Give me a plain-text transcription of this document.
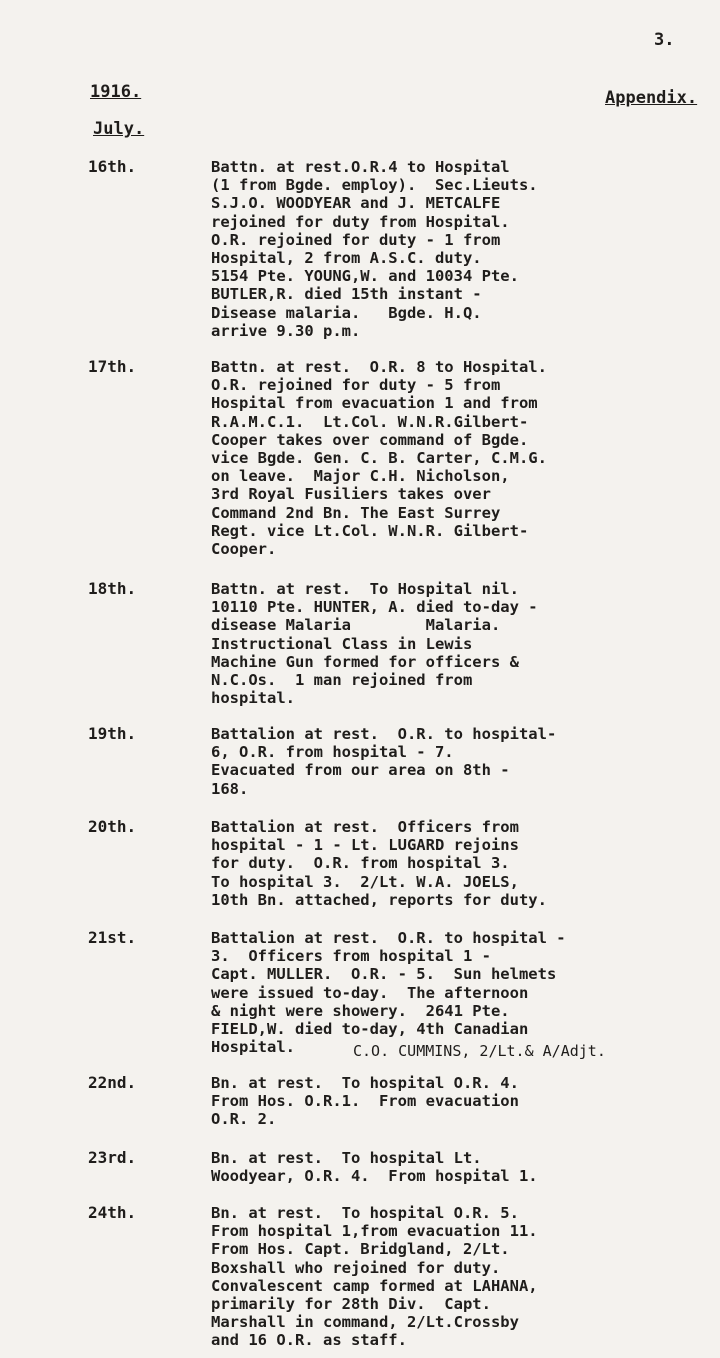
3.
1916.	Appendix.
July.
16th.	Battn. at rest.O.R.4 to Hospital
(1 from Bgde. employ).  Sec.Lieuts.
S.J.O. WOODYEAR and J. METCALFE
rejoined for duty from Hospital.
O.R. rejoined for duty - 1 from
Hospital, 2 from A.S.C. duty.
5154 Pte. YOUNG,W. and 10034 Pte.
BUTLER,R. died 15th instant -
Disease malaria.   Bgde. H.Q.
arrive 9.30 p.m.
17th.	Battn. at rest.  O.R. 8 to Hospital.
O.R. rejoined for duty - 5 from
Hospital from evacuation 1 and from
R.A.M.C.1.  Lt.Col. W.N.R.Gilbert-
Cooper takes over command of Bgde.
vice Bgde. Gen. C. B. Carter, C.M.G.
on leave.  Major C.H. Nicholson,
3rd Royal Fusiliers takes over
Command 2nd Bn. The East Surrey
Regt. vice Lt.Col. W.N.R. Gilbert-
Cooper.
18th.	Battn. at rest.  To Hospital nil.
10110 Pte. HUNTER, A. died to-day -
disease Malaria        Malaria.
Instructional Class in Lewis
Machine Gun formed for officers &
N.C.Os.  1 man rejoined from
hospital.
19th.	Battalion at rest.  O.R. to hospital-
6, O.R. from hospital - 7.
Evacuated from our area on 8th -
168.
20th.	Battalion at rest.  Officers from
hospital - 1 - Lt. LUGARD rejoins
for duty.  O.R. from hospital 3.
To hospital 3.  2/Lt. W.A. JOELS,
10th Bn. attached, reports for duty.
21st.	Battalion at rest.  O.R. to hospital -
3.  Officers from hospital 1 -
Capt. MULLER.  O.R. - 5.  Sun helmets
were issued to-day.  The afternoon
& night were showery.  2641 Pte.
FIELD,W. died to-day, 4th Canadian
Hospital.	C.O. CUMMINS, 2/Lt.& A/Adjt.
22nd.	Bn. at rest.  To hospital O.R. 4.
From Hos. O.R.1.  From evacuation
O.R. 2.
23rd.	Bn. at rest.  To hospital Lt.
Woodyear, O.R. 4.  From hospital 1.
24th.	Bn. at rest.  To hospital O.R. 5.
From hospital 1,from evacuation 11.
From Hos. Capt. Bridgland, 2/Lt.
Boxshall who rejoined for duty.
Convalescent camp formed at LAHANA,
primarily for 28th Div.  Capt.
Marshall in command, 2/Lt.Crossby
and 16 O.R. as staff.
